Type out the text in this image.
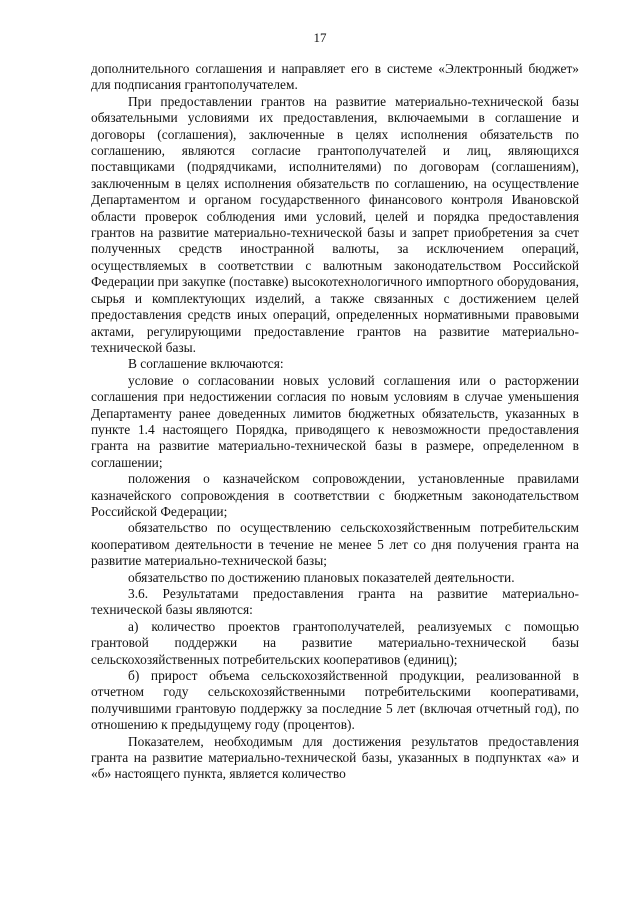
17

дополнительного соглашения и направляет его в системе «Электронный бюджет» для подписания грантополучателем.

При предоставлении грантов на развитие материально-технической базы обязательными условиями их предоставления, включаемыми в соглашение и договоры (соглашения), заключенные в целях исполнения обязательств по соглашению, являются согласие грантополучателей и лиц, являющихся поставщиками (подрядчиками, исполнителями) по договорам (соглашениям), заключенным в целях исполнения обязательств по соглашению, на осуществление Департаментом и органом государственного финансового контроля Ивановской области проверок соблюдения ими условий, целей и порядка предоставления грантов на развитие материально-технической базы и запрет приобретения за счет полученных средств иностранной валюты, за исключением операций, осуществляемых в соответствии с валютным законодательством Российской Федерации при закупке (поставке) высокотехнологичного импортного оборудования, сырья и комплектующих изделий, а также связанных с достижением целей предоставления средств иных операций, определенных нормативными правовыми актами, регулирующими предоставление грантов на развитие материально-технической базы.

В соглашение включаются:

условие о согласовании новых условий соглашения или о расторжении соглашения при недостижении согласия по новым условиям в случае уменьшения Департаменту ранее доведенных лимитов бюджетных обязательств, указанных в пункте 1.4 настоящего Порядка, приводящего к невозможности предоставления гранта на развитие материально-технической базы в размере, определенном в соглашении;

положения о казначейском сопровождении, установленные правилами казначейского сопровождения в соответствии с бюджетным законодательством Российской Федерации;

обязательство по осуществлению сельскохозяйственным потребительским кооперативом деятельности в течение не менее 5 лет со дня получения гранта на развитие материально-технической базы;

обязательство по достижению плановых показателей деятельности.

3.6. Результатами предоставления гранта на развитие материально-технической базы являются:

а) количество проектов грантополучателей, реализуемых с помощью грантовой поддержки на развитие материально-технической базы сельскохозяйственных потребительских кооперативов (единиц);

б) прирост объема сельскохозяйственной продукции, реализованной в отчетном году сельскохозяйственными потребительскими кооперативами, получившими грантовую поддержку за последние 5 лет (включая отчетный год), по отношению к предыдущему году (процентов).

Показателем, необходимым для достижения результатов предоставления гранта на развитие материально-технической базы, указанных в подпунктах «а» и «б» настоящего пункта, является количество
